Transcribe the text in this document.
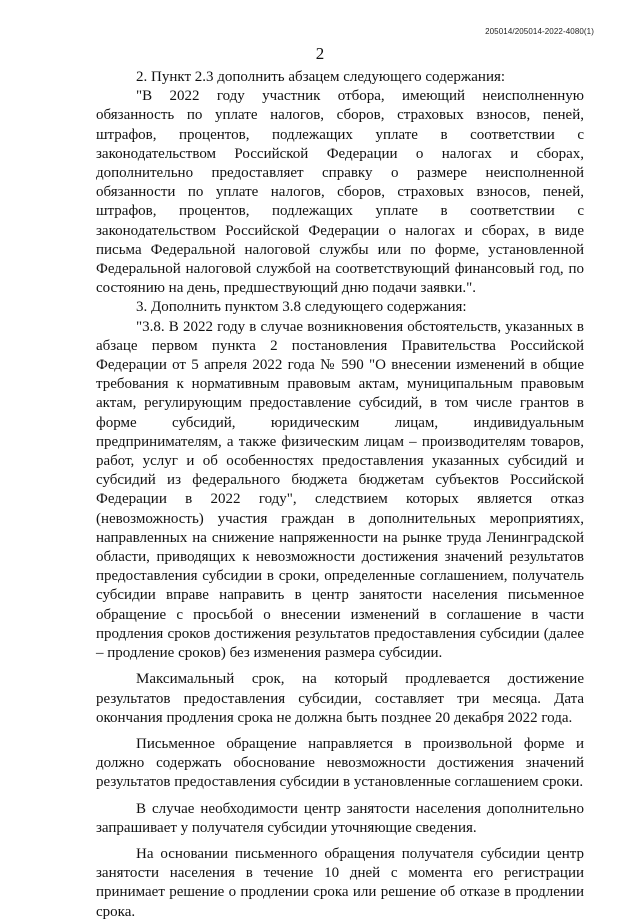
205014/205014-2022-4080(1)
2

2. Пункт 2.3 дополнить абзацем следующего содержания:

"В 2022 году участник отбора, имеющий неисполненную обязанность по уплате налогов, сборов, страховых взносов, пеней, штрафов, процентов, подлежащих уплате в соответствии с законодательством Российской Федерации о налогах и сборах, дополнительно предоставляет справку о размере неисполненной обязанности по уплате налогов, сборов, страховых взносов, пеней, штрафов, процентов, подлежащих уплате в соответствии с законодательством Российской Федерации о налогах и сборах, в виде письма Федеральной налоговой службы или по форме, установленной Федеральной налоговой службой на соответствующий финансовый год, по состоянию на день, предшествующий дню подачи заявки.".

3. Дополнить пунктом 3.8 следующего содержания:

"3.8. В 2022 году в случае возникновения обстоятельств, указанных в абзаце первом пункта 2 постановления Правительства Российской Федерации от 5 апреля 2022 года № 590 "О внесении изменений в общие требования к нормативным правовым актам, муниципальным правовым актам, регулирующим предоставление субсидий, в том числе грантов в форме субсидий, юридическим лицам, индивидуальным предпринимателям, а также физическим лицам – производителям товаров, работ, услуг и об особенностях предоставления указанных субсидий и субсидий из федерального бюджета бюджетам субъектов Российской Федерации в 2022 году", следствием которых является отказ (невозможность) участия граждан в дополнительных мероприятиях, направленных на снижение напряженности на рынке труда Ленинградской области, приводящих к невозможности достижения значений результатов предоставления субсидии в сроки, определенные соглашением, получатель субсидии вправе направить в центр занятости населения письменное обращение с просьбой о внесении изменений в соглашение в части продления сроков достижения результатов предоставления субсидии (далее – продление сроков) без изменения размера субсидии.

Максимальный срок, на который продлевается достижение результатов предоставления субсидии, составляет три месяца. Дата окончания продления срока не должна быть позднее 20 декабря 2022 года.

Письменное обращение направляется в произвольной форме и должно содержать обоснование невозможности достижения значений результатов предоставления субсидии в установленные соглашением сроки.

В случае необходимости центр занятости населения дополнительно запрашивает у получателя субсидии уточняющие сведения.

На основании письменного обращения получателя субсидии центр занятости населения в течение 10 дней с момента его регистрации принимает решение о продлении срока или решение об отказе в продлении срока.
